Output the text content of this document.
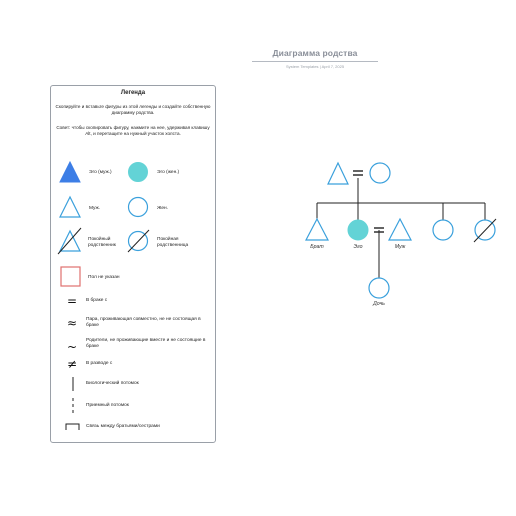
Диаграмма родства
System Templates | April 7, 2025
Легенда
Скопируйте и вставьте фигуры из этой легенды и создайте собственную диаграмму родства.
Совет: чтобы скопировать фигуру, нажмите на нее, удерживая клавишу Alt, и перетащите на нужный участок холста.
Эго (муж.)	Эго (жен.)
Муж.	Жен.
Покойный родственник
Покойная родственница
Пол не указан
= В браке с
≈ Пара, проживающая совместно, не не состоящая в браке
~ Родители, не проживающие вместе и не состоящие в браке
≠ В разводе с
Биологический потомок
Приемный потомок
Связь между братьями/сестрами
Брат	Эго	Муж
Дочь
